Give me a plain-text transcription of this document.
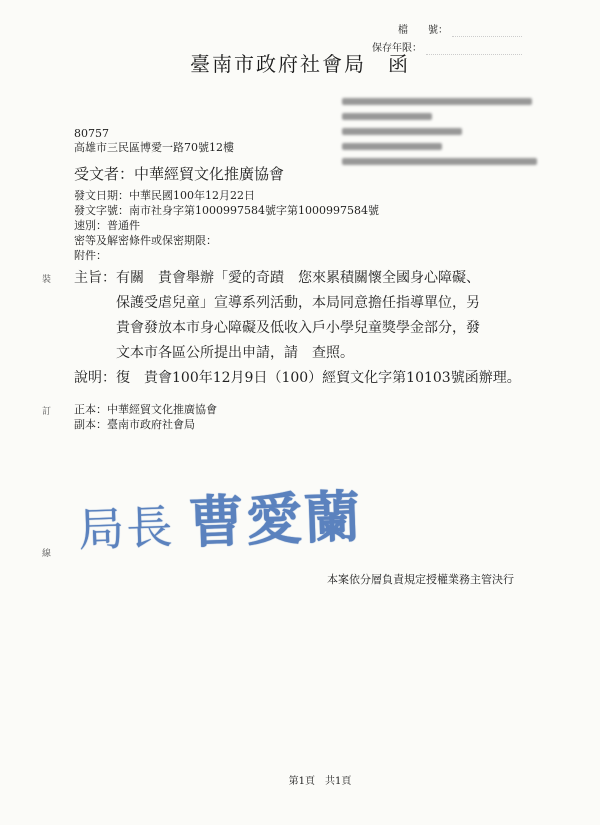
檔　　號：
保存年限：
臺南市政府社會局　函
80757
高雄市三民區博愛一路70號12樓
受文者：中華經貿文化推廣協會
發文日期：中華民國100年12月22日
發文字號：南市社身字第1000997584號字第1000997584號
速別：普通件
密等及解密條件或保密期限：
附件：
裝
訂
線
主旨： 有關　貴會舉辦「愛的奇蹟　您來累積關懷全國身心障礙、
保護受虐兒童」宣導系列活動，本局同意擔任指導單位，另
貴會發放本市身心障礙及低收入戶小學兒童獎學金部分，發
文本市各區公所提出申請，請　查照。
說明： 復　貴會100年12月9日（100）經貿文化字第10103號函辦理。
正本：中華經貿文化推廣協會
副本：臺南市政府社會局
局長 曹愛蘭
本案依分層負責規定授權業務主管決行
第1頁　共1頁
